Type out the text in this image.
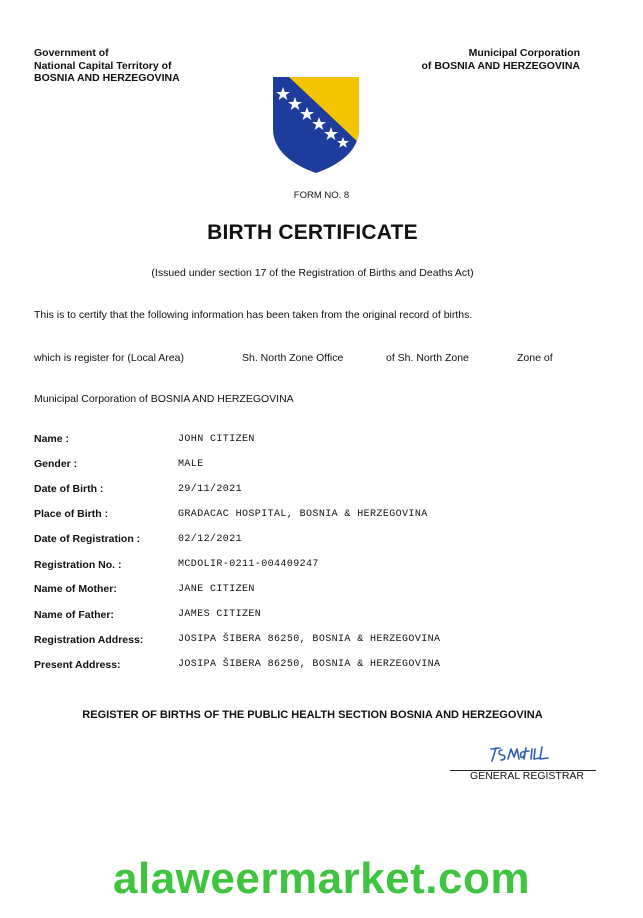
Government of
National Capital Territory of
BOSNIA AND HERZEGOVINA
Municipal Corporation
of BOSNIA AND HERZEGOVINA
FORM NO. 8
BIRTH CERTIFICATE
(Issued under section 17 of the Registration of Births and Deaths Act)
This is to certify that the following information has been taken from the original record of births.
which is register for (Local Area)	Sh. North Zone Office	of Sh. North Zone	Zone of
Municipal Corporation of BOSNIA AND HERZEGOVINA
Name :	JOHN CITIZEN
Gender :	MALE
Date of Birth :	29/11/2021
Place of Birth :	GRADACAC HOSPITAL, BOSNIA & HERZEGOVINA
Date of Registration :	02/12/2021
Registration No. :	MCDOLIR-0211-004409247
Name of Mother:	JANE CITIZEN
Name of Father:	JAMES CITIZEN
Registration Address:	JOSIPA ŠIBERA 86250, BOSNIA & HERZEGOVINA
Present Address:	JOSIPA ŠIBERA 86250, BOSNIA & HERZEGOVINA
REGISTER OF BIRTHS OF THE PUBLIC HEALTH SECTION BOSNIA AND HERZEGOVINA
GENERAL REGISTRAR
alaweermarket.com
